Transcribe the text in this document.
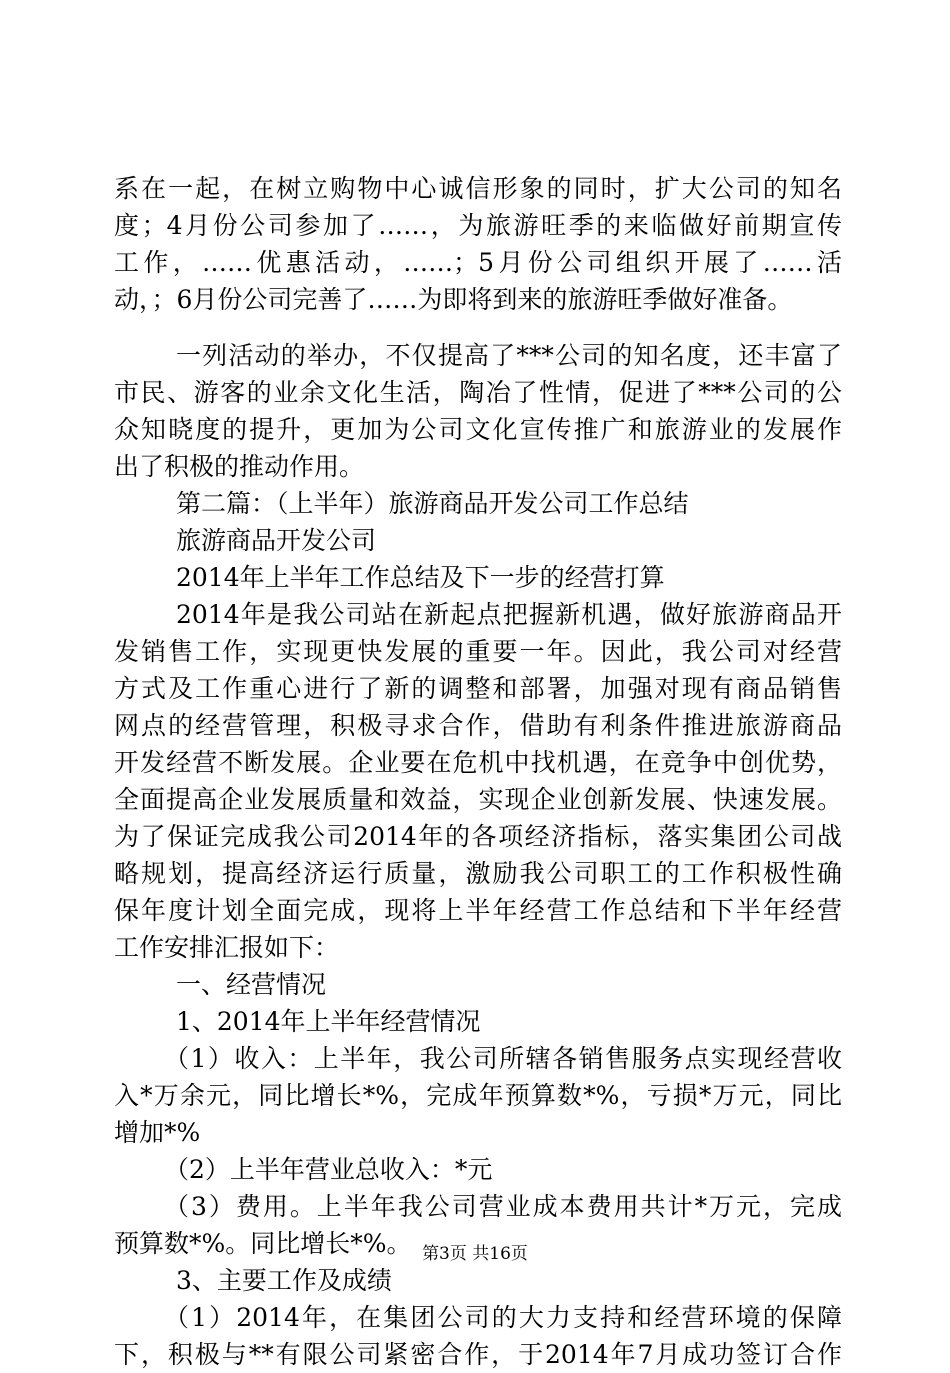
系在一起，在树立购物中心诚信形象的同时，扩大公司的知名
度；4月份公司参加了……，为旅游旺季的来临做好前期宣传
工作，……优惠活动，……；5月份公司组织开展了……活
动，；6月份公司完善了……为即将到来的旅游旺季做好准备。
一列活动的举办，不仅提高了***公司的知名度，还丰富了
市民、游客的业余文化生活，陶冶了性情，促进了***公司的公
众知晓度的提升，更加为公司文化宣传推广和旅游业的发展作
出了积极的推动作用。
第二篇：（上半年）旅游商品开发公司工作总结
旅游商品开发公司
2014年上半年工作总结及下一步的经营打算
2014年是我公司站在新起点把握新机遇，做好旅游商品开
发销售工作，实现更快发展的重要一年。因此，我公司对经营
方式及工作重心进行了新的调整和部署，加强对现有商品销售
网点的经营管理，积极寻求合作，借助有利条件推进旅游商品
开发经营不断发展。企业要在危机中找机遇，在竞争中创优势，
全面提高企业发展质量和效益，实现企业创新发展、快速发展。
为了保证完成我公司2014年的各项经济指标，落实集团公司战
略规划，提高经济运行质量，激励我公司职工的工作积极性确
保年度计划全面完成，现将上半年经营工作总结和下半年经营
工作安排汇报如下：
一、经营情况
1、2014年上半年经营情况
（1）收入：上半年，我公司所辖各销售服务点实现经营收
入*万余元，同比增长*%，完成年预算数*%，亏损*万元，同比
增加*%
（2）上半年营业总收入：*元
（3）费用。上半年我公司营业成本费用共计*万元，完成
预算数*%。同比增长*%。
3、主要工作及成绩
（1）2014年，在集团公司的大力支持和经营环境的保障
下，积极与**有限公司紧密合作，于2014年7月成功签订合作
第3页 共16页
